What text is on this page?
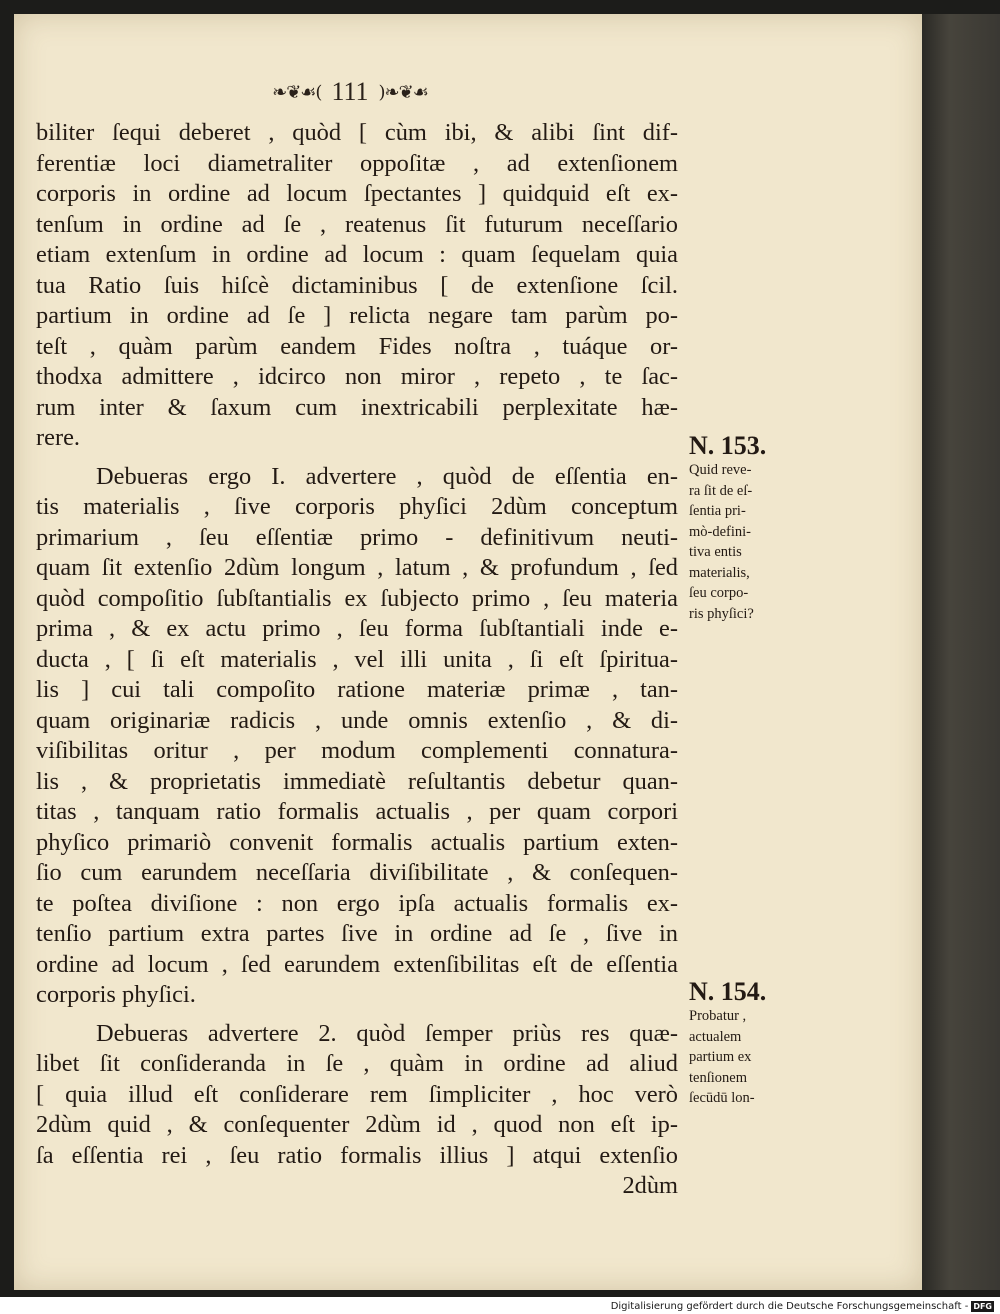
❧❦☙( 111 )❧❦☙
biliter ſequi deberet , quòd [ cùm ibi, & alibi ſint dif-
ferentiæ loci diametraliter oppoſitæ , ad extenſionem
corporis in ordine ad locum ſpectantes ] quidquid eſt ex-
tenſum in ordine ad ſe , reatenus ſit futurum neceſſario
etiam extenſum in ordine ad locum : quam ſequelam quia
tua Ratio ſuis hiſcè dictaminibus [ de extenſione ſcil.
partium in ordine ad ſe ] relicta negare tam parùm po-
teſt , quàm parùm eandem Fides noſtra , tuáque or-
thodxa admittere , idcirco non miror , repeto , te ſac-
rum inter & ſaxum cum inextricabili perplexitate hæ-
rere.
Debueras ergo I. advertere , quòd de eſſentia en-
tis materialis , ſive corporis phyſici 2dùm conceptum
primarium , ſeu eſſentiæ primo - definitivum neuti-
quam ſit extenſio 2dùm longum , latum , & profundum , ſed
quòd compoſitio ſubſtantialis ex ſubjecto primo , ſeu materia
prima , & ex actu primo , ſeu forma ſubſtantiali inde e-
ducta , [ ſi eſt materialis , vel illi unita , ſi eſt ſpiritua-
lis ] cui tali compoſito ratione materiæ primæ , tan-
quam originariæ radicis , unde omnis extenſio , & di-
viſibilitas oritur , per modum complementi connatura-
lis , & proprietatis immediatè reſultantis debetur quan-
titas , tanquam ratio formalis actualis , per quam corpori
phyſico primariò convenit formalis actualis partium exten-
ſio cum earundem neceſſaria diviſibilitate , & conſequen-
te poſtea diviſione : non ergo ipſa actualis formalis ex-
tenſio partium extra partes ſive in ordine ad ſe , ſive in
ordine ad locum , ſed earundem extenſibilitas eſt de eſſentia
corporis phyſici.
Debueras advertere 2. quòd ſemper priùs res quæ-
libet ſit conſideranda in ſe , quàm in ordine ad aliud
[ quia illud eſt conſiderare rem ſimpliciter , hoc verò
2dùm quid , & conſequenter 2dùm id , quod non eſt ip-
ſa eſſentia rei , ſeu ratio formalis illius ] atqui extenſio
2dùm
N. 153.
Quid reve-
ra ſit de eſ-
ſentia pri-
mò-defini-
tiva entis
materialis,
ſeu corpo-
ris phyſici?
N. 154.
Probatur ,
actualem
partium ex
tenſionem
ſecūdū lon-
Digitalisierung gefördert durch die Deutsche Forschungsgemeinschaft - DFG
